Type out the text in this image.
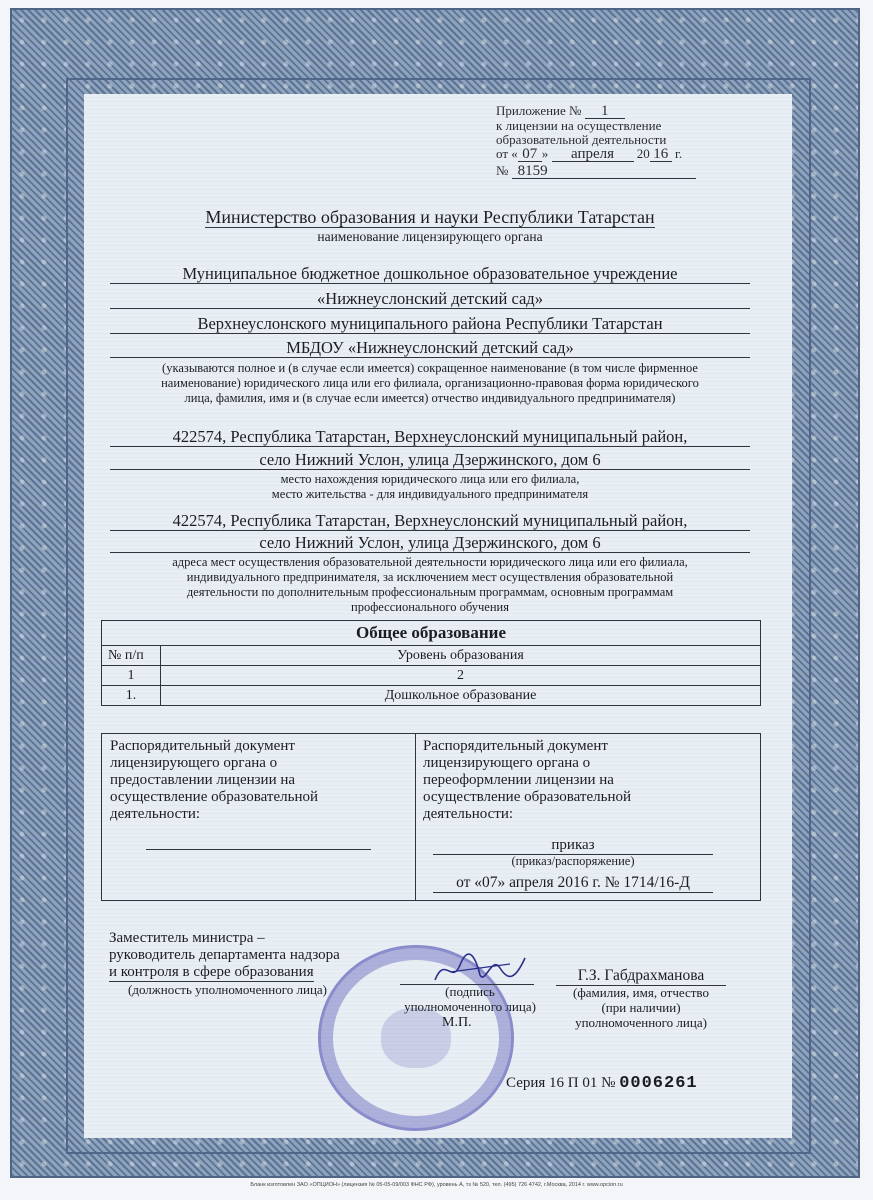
Приложение № 1
к лицензии на осуществление
образовательной деятельности
от « 07 » апреля 20 16 г.
№ 8159
Министерство образования и науки Республики Татарстан
наименование лицензирующего органа
Муниципальное бюджетное дошкольное образовательное учреждение
«Нижнеуслонский детский сад»
Верхнеуслонского муниципального района Республики Татарстан
МБДОУ «Нижнеуслонский детский сад»
(указываются полное и (в случае если имеется) сокращенное наименование (в том числе фирменное
наименование) юридического лица или его филиала, организационно-правовая форма юридического
лица, фамилия, имя и (в случае если имеется) отчество индивидуального предпринимателя)
422574, Республика Татарстан, Верхнеуслонский муниципальный район,
село Нижний Услон, улица Дзержинского, дом 6
место нахождения юридического лица или его филиала,
место жительства - для индивидуального предпринимателя
422574, Республика Татарстан, Верхнеуслонский муниципальный район,
село Нижний Услон, улица Дзержинского, дом 6
адреса мест осуществления образовательной деятельности юридического лица или его филиала,
индивидуального предпринимателя, за исключением мест осуществления образовательной
деятельности по дополнительным профессиональным программам, основным программам
профессионального обучения
Общее образование	
№ п/п	Уровень образования
1	2
1.	Дошкольное образование
Распорядительный документ
лицензирующего органа о
предоставлении лицензии на
осуществление образовательной
деятельности:
Распорядительный документ
лицензирующего органа о
переоформлении лицензии на
осуществление образовательной
деятельности:
приказ
(приказ/распоряжение)
от «07» апреля 2016 г. № 1714/16-Д
Заместитель министра –
руководитель департамента надзора
и контроля в сфере образования
(должность уполномоченного лица)	(подпись
уполномоченного лица)
М.П.
Г.З. Габдрахманова
(фамилия, имя, отчество
(при наличии)
уполномоченного лица)
Серия 16 П 01 № 0006261
Бланк изготовлен ЗАО «ОПЦИОН» (лицензия № 05-05-09/003 ФНС РФ), уровень А, тз № 520, тел. (495) 726 4742, г.Москва, 2014 г. www.opcion.ru
